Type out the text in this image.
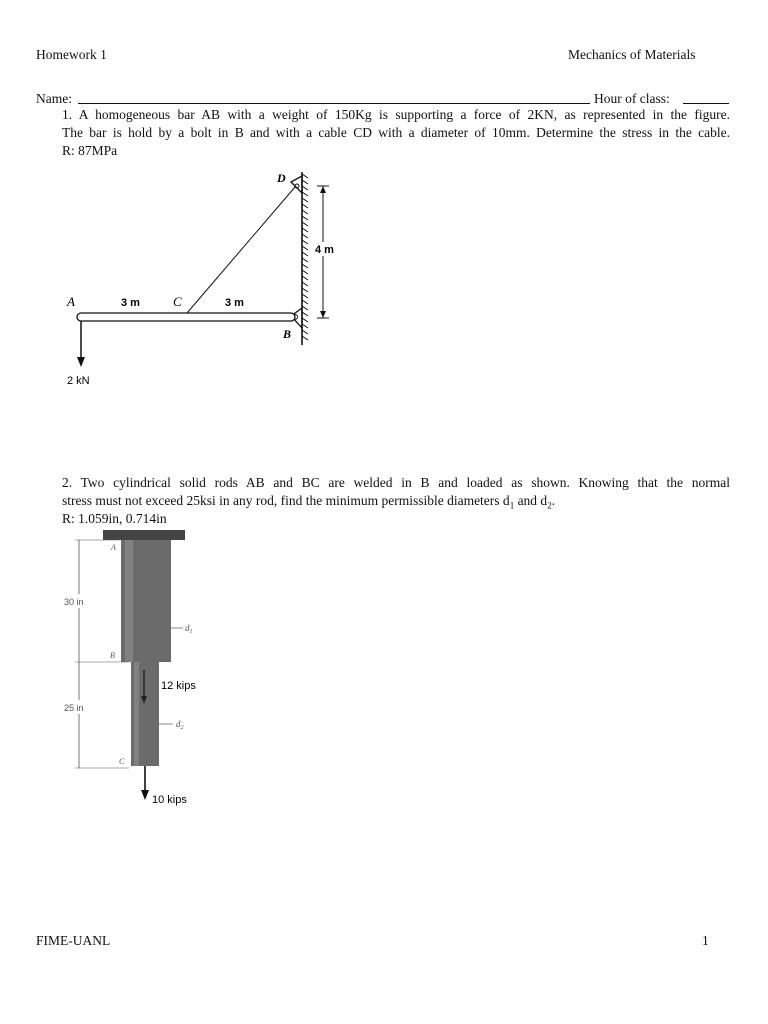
Homework 1	Mechanics of Materials
Name:	Hour of class:
1. A homogeneous bar AB with a weight of 150Kg is supporting a force of 2KN, as represented in the figure.
The bar is hold by a bolt in B and with a cable CD with a diameter of 10mm. Determine the stress in the cable.
R: 87MPa
4 m
A	3 m	C	3 m
B
D
2 kN
2. Two cylindrical solid rods AB and BC are welded in B and loaded as shown. Knowing that the normal
stress must not exceed 25ksi in any rod, find the minimum permissible diameters $d_1$ and $d_2$.
R: 1.059in, 0.714in
A
B
C
30 in
25 in
$d_1$
$d_2$
12 kips
10 kips
FIME-UANL	1
